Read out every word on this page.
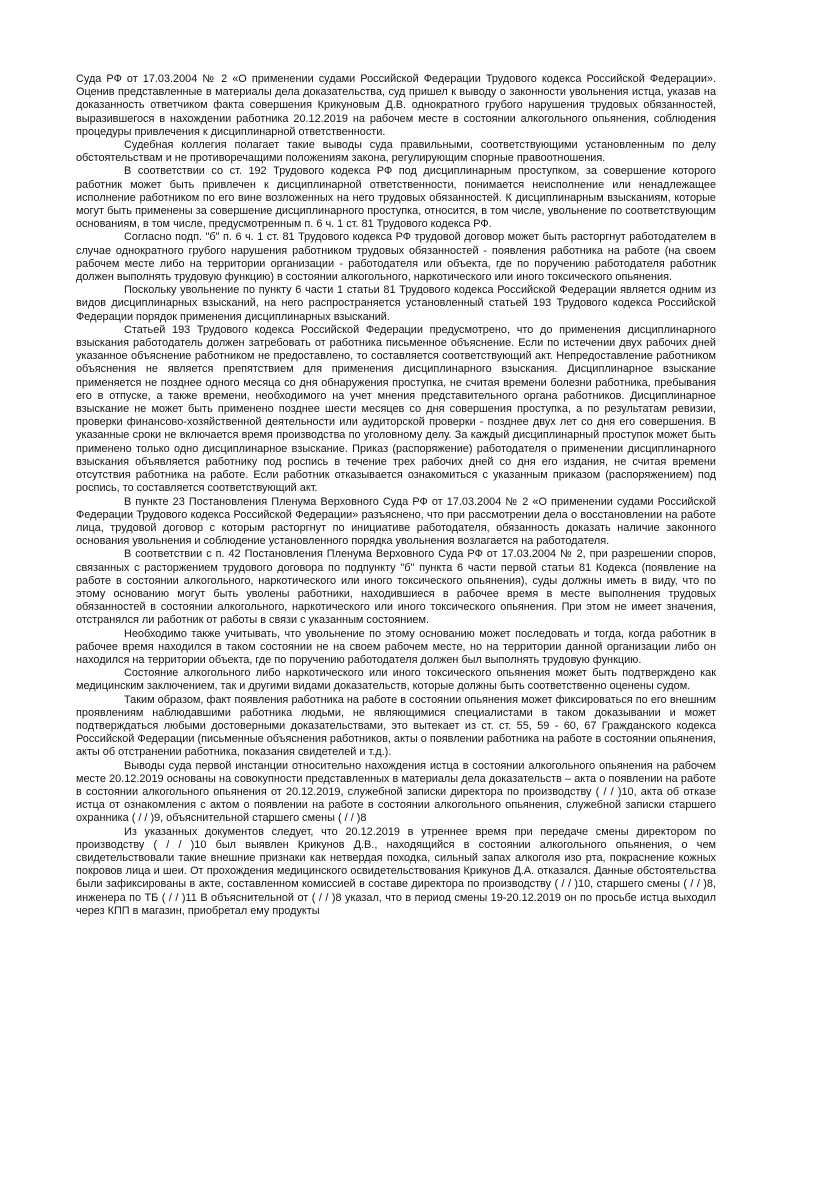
Суда РФ от 17.03.2004 № 2 «О применении судами Российской Федерации Трудового кодекса Российской Федерации». Оценив представленные в материалы дела доказательства, суд пришел к выводу о законности увольнения истца, указав на доказанность ответчиком факта совершения Крикуновым Д.В. однократного грубого нарушения трудовых обязанностей, выразившегося в нахождении работника 20.12.2019 на рабочем месте в состоянии алкогольного опьянения, соблюдения процедуры привлечения к дисциплинарной ответственности.

Судебная коллегия полагает такие выводы суда правильными, соответствующими установленным по делу обстоятельствам и не противоречащими положениям закона, регулирующим спорные правоотношения.

В соответствии со ст. 192 Трудового кодекса РФ под дисциплинарным проступком, за совершение которого работник может быть привлечен к дисциплинарной ответственности, понимается неисполнение или ненадлежащее исполнение работником по его вине возложенных на него трудовых обязанностей. К дисциплинарным взысканиям, которые могут быть применены за совершение дисциплинарного проступка, относится, в том числе, увольнение по соответствующим основаниям, в том числе, предусмотренным п. 6 ч. 1 ст. 81 Трудового кодекса РФ.

Согласно подп. "б" п. 6 ч. 1 ст. 81 Трудового кодекса РФ трудовой договор может быть расторгнут работодателем в случае однократного грубого нарушения работником трудовых обязанностей - появления работника на работе (на своем рабочем месте либо на территории организации - работодателя или объекта, где по поручению работодателя работник должен выполнять трудовую функцию) в состоянии алкогольного, наркотического или иного токсического опьянения.

Поскольку увольнение по пункту 6 части 1 статьи 81 Трудового кодекса Российской Федерации является одним из видов дисциплинарных взысканий, на него распространяется установленный статьей 193 Трудового кодекса Российской Федерации порядок применения дисциплинарных взысканий.

Статьей 193 Трудового кодекса Российской Федерации предусмотрено, что до применения дисциплинарного взыскания работодатель должен затребовать от работника письменное объяснение. Если по истечении двух рабочих дней указанное объяснение работником не предоставлено, то составляется соответствующий акт. Непредоставление работником объяснения не является препятствием для применения дисциплинарного взыскания. Дисциплинарное взыскание применяется не позднее одного месяца со дня обнаружения проступка, не считая времени болезни работника, пребывания его в отпуске, а также времени, необходимого на учет мнения представительного органа работников. Дисциплинарное взыскание не может быть применено позднее шести месяцев со дня совершения проступка, а по результатам ревизии, проверки финансово-хозяйственной деятельности или аудиторской проверки - позднее двух лет со дня его совершения. В указанные сроки не включается время производства по уголовному делу. За каждый дисциплинарный проступок может быть применено только одно дисциплинарное взыскание. Приказ (распоряжение) работодателя о применении дисциплинарного взыскания объявляется работнику под роспись в течение трех рабочих дней со дня его издания, не считая времени отсутствия работника на работе. Если работник отказывается ознакомиться с указанным приказом (распоряжением) под роспись, то составляется соответствующий акт.

В пункте 23 Постановления Пленума Верховного Суда РФ от 17.03.2004 № 2 «О применении судами Российской Федерации Трудового кодекса Российской Федерации» разъяснено, что при рассмотрении дела о восстановлении на работе лица, трудовой договор с которым расторгнут по инициативе работодателя, обязанность доказать наличие законного основания увольнения и соблюдение установленного порядка увольнения возлагается на работодателя.

В соответствии с п. 42 Постановления Пленума Верховного Суда РФ от 17.03.2004 № 2, при разрешении споров, связанных с расторжением трудового договора по подпункту "б" пункта 6 части первой статьи 81 Кодекса (появление на работе в состоянии алкогольного, наркотического или иного токсического опьянения), суды должны иметь в виду, что по этому основанию могут быть уволены работники, находившиеся в рабочее время в месте выполнения трудовых обязанностей в состоянии алкогольного, наркотического или иного токсического опьянения. При этом не имеет значения, отстранялся ли работник от работы в связи с указанным состоянием.

Необходимо также учитывать, что увольнение по этому основанию может последовать и тогда, когда работник в рабочее время находился в таком состоянии не на своем рабочем месте, но на территории данной организации либо он находился на территории объекта, где по поручению работодателя должен был выполнять трудовую функцию.

Состояние алкогольного либо наркотического или иного токсического опьянения может быть подтверждено как медицинским заключением, так и другими видами доказательств, которые должны быть соответственно оценены судом.

Таким образом, факт появления работника на работе в состоянии опьянения может фиксироваться по его внешним проявлениям наблюдавшими работника людьми, не являющимися специалистами в таком доказывании и может подтверждаться любыми достоверными доказательствами, это вытекает из ст. ст. 55, 59 - 60, 67 Гражданского кодекса Российской Федерации (письменные объяснения работников, акты о появлении работника на работе в состоянии опьянения, акты об отстранении работника, показания свидетелей и т.д.).

Выводы суда первой инстанции относительно нахождения истца в состоянии алкогольного опьянения на рабочем месте 20.12.2019 основаны на совокупности представленных в материалы дела доказательств – акта о появлении на работе в состоянии алкогольного опьянения от 20.12.2019, служебной записки директора по производству ( / / )10, акта об отказе истца от ознакомления с актом о появлении на работе в состоянии алкогольного опьянения, служебной записки старшего охранника ( / / )9, объяснительной старшего смены ( / / )8

Из указанных документов следует, что 20.12.2019 в утреннее время при передаче смены директором по производству ( / / )10 был выявлен Крикунов Д.В., находящийся в состоянии алкогольного опьянения, о чем свидетельствовали такие внешние признаки как нетвердая походка, сильный запах алкоголя изо рта, покраснение кожных покровов лица и шеи. От прохождения медицинского освидетельствования Крикунов Д.А. отказался. Данные обстоятельства были зафиксированы в акте, составленном комиссией в составе директора по производству ( / / )10, старшего смены ( / / )8, инженера по ТБ ( / / )11 В объяснительной от ( / / )8 указал, что в период смены 19-20.12.2019 он по просьбе истца выходил через КПП в магазин, приобретал ему продукты
